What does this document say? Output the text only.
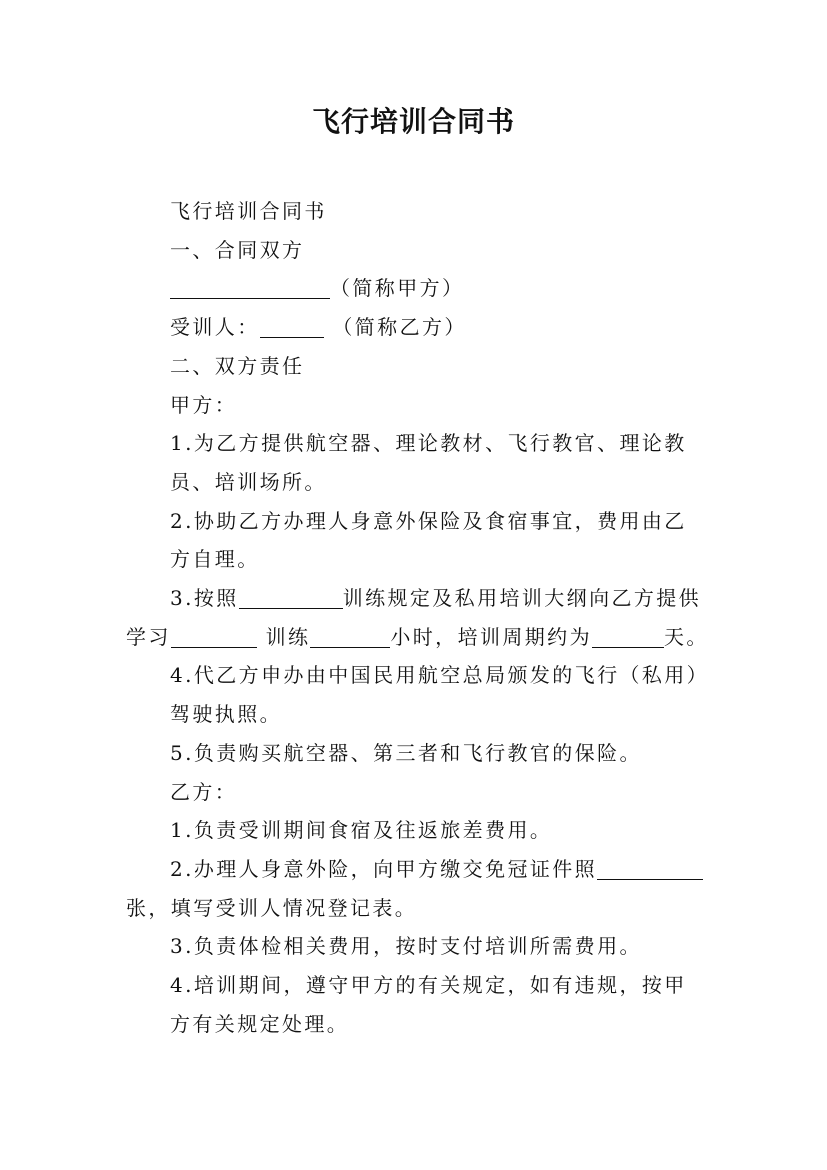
飞行培训合同书

飞行培训合同书

一、合同双方

（简称甲方）

受训人：	（简称乙方）

二、双方责任

甲方：

1.为乙方提供航空器、理论教材、飞行教官、理论教员、培训场所。

2.协助乙方办理人身意外保险及食宿事宜，费用由乙方自理。

3.按照	训练规定及私用培训大纲向乙方提供

学习	训练	小时，培训周期约为	天。

4.代乙方申办由中国民用航空总局颁发的飞行（私用）驾驶执照。

5.负责购买航空器、第三者和飞行教官的保险。

乙方：

1.负责受训期间食宿及往返旅差费用。

2.办理人身意外险，向甲方缴交免冠证件照

张，填写受训人情况登记表。

3.负责体检相关费用，按时支付培训所需费用。

4.培训期间，遵守甲方的有关规定，如有违规，按甲方有关规定处理。
